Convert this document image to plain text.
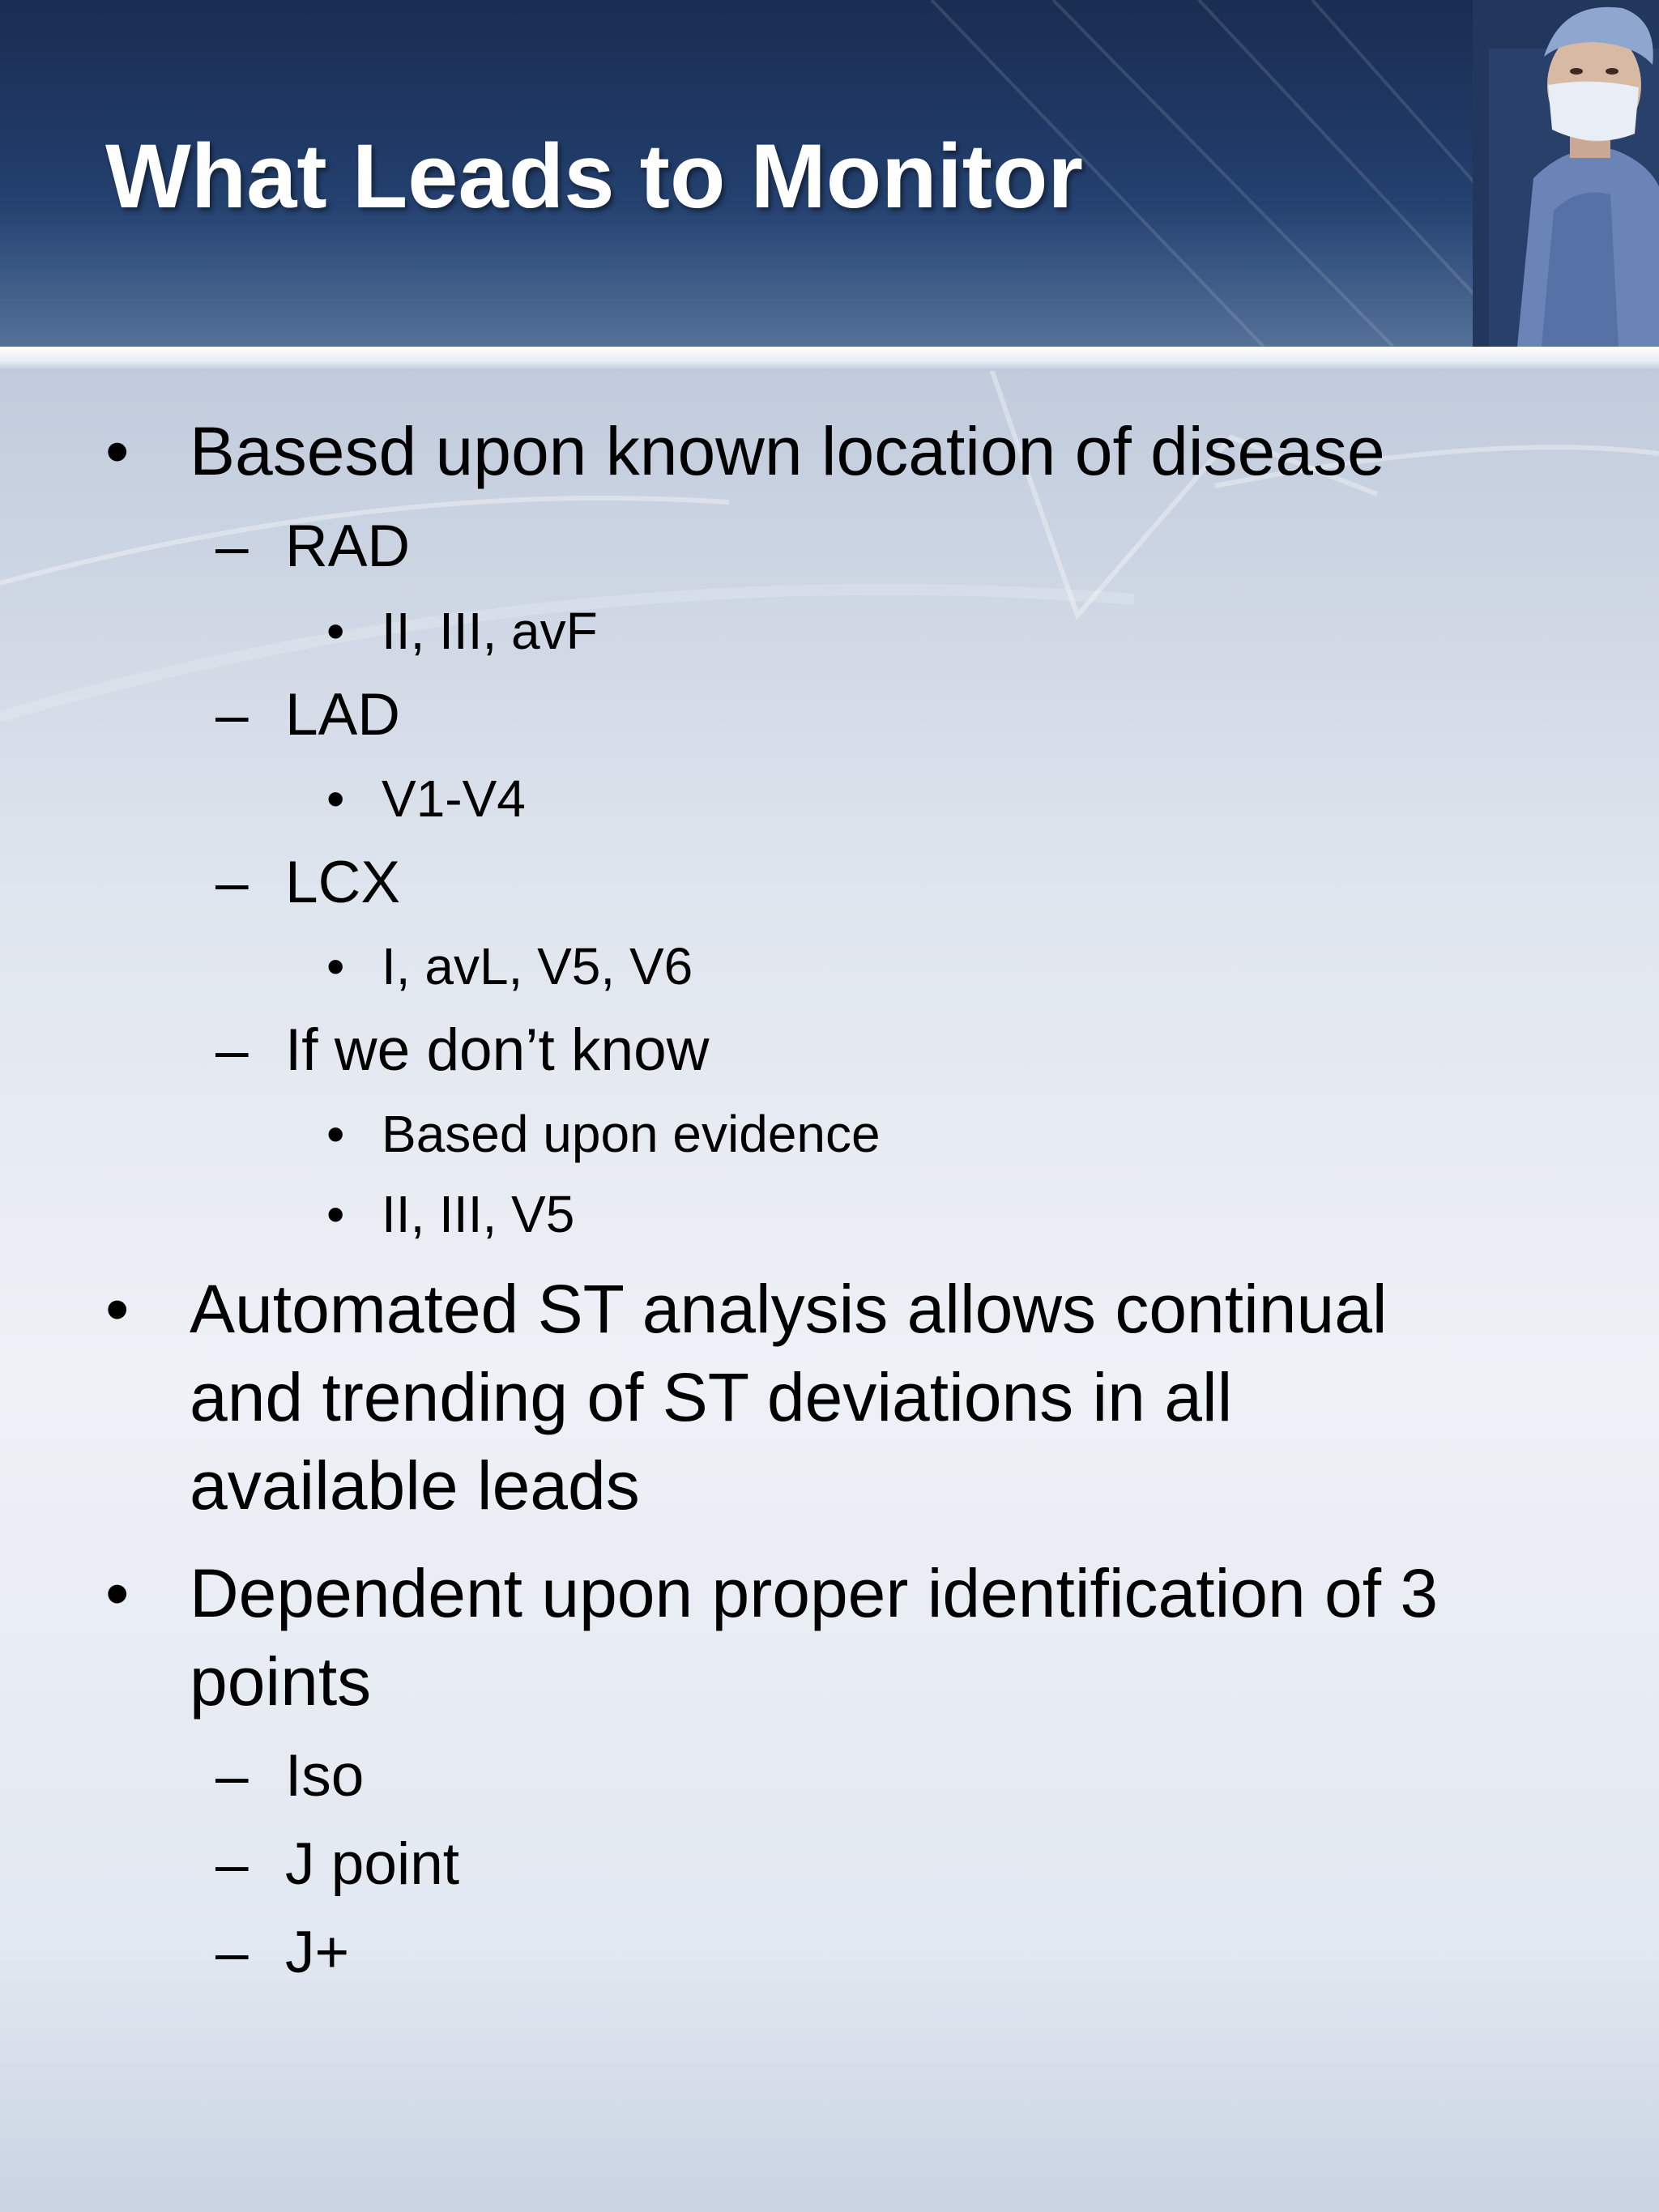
What Leads to Monitor
• Basesd upon known location of disease
– RAD
• II, III, avF
– LAD
• V1-V4
– LCX
• I, avL, V5, V6
– If we don’t know
• Based upon evidence
• II, III, V5
• Automated ST analysis allows continual
and trending of ST deviations in all
available leads
• Dependent upon proper identification of 3
points
– Iso
– J point
– J+
